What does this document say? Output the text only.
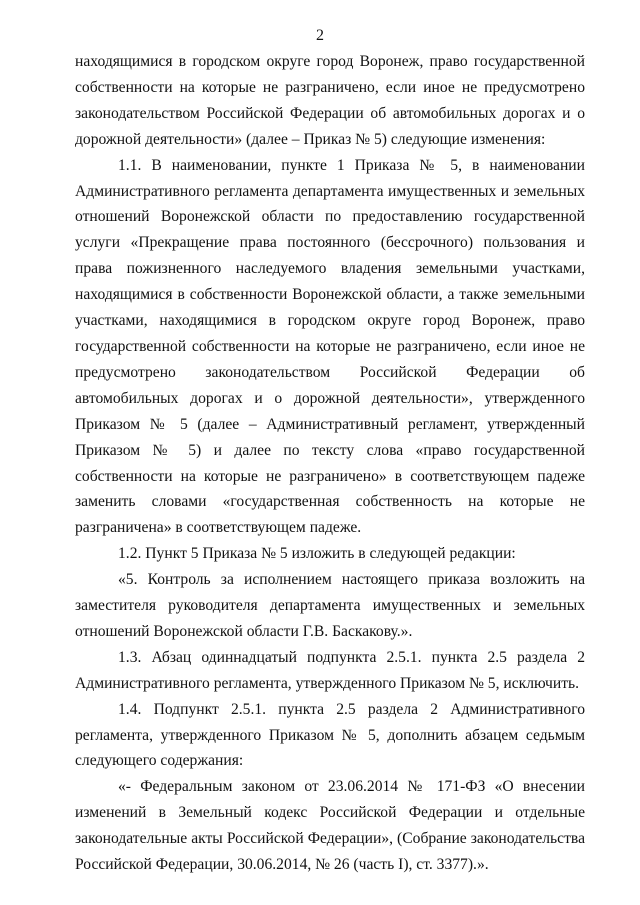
2

находящимися в городском округе город Воронеж, право государственной собственности на которые не разграничено, если иное не предусмотрено законодательством Российской Федерации об автомобильных дорогах и о дорожной деятельности» (далее – Приказ № 5) следующие изменения:

1.1. В наименовании, пункте 1 Приказа № 5, в наименовании Административного регламента департамента имущественных и земельных отношений Воронежской области по предоставлению государственной услуги «Прекращение права постоянного (бессрочного) пользования и права пожизненного наследуемого владения земельными участками, находящимися в собственности Воронежской области, а также земельными участками, находящимися в городском округе город Воронеж, право государственной собственности на которые не разграничено, если иное не предусмотрено законодательством Российской Федерации об автомобильных дорогах и о дорожной деятельности», утвержденного Приказом № 5 (далее – Административный регламент, утвержденный Приказом № 5) и далее по тексту слова «право государственной собственности на которые не разграничено» в соответствующем падеже заменить словами «государственная собственность на которые не разграничена» в соответствующем падеже.

1.2. Пункт 5 Приказа № 5 изложить в следующей редакции:

«5. Контроль за исполнением настоящего приказа возложить на заместителя руководителя департамента имущественных и земельных отношений Воронежской области Г.В. Баскакову.».

1.3. Абзац одиннадцатый подпункта 2.5.1. пункта 2.5 раздела 2 Административного регламента, утвержденного Приказом № 5, исключить.

1.4. Подпункт 2.5.1. пункта 2.5 раздела 2 Административного регламента, утвержденного Приказом № 5, дополнить абзацем седьмым следующего содержания:

«- Федеральным законом от 23.06.2014 № 171-ФЗ «О внесении изменений в Земельный кодекс Российской Федерации и отдельные законодательные акты Российской Федерации», (Собрание законодательства Российской Федерации, 30.06.2014, № 26 (часть I), ст. 3377).».
